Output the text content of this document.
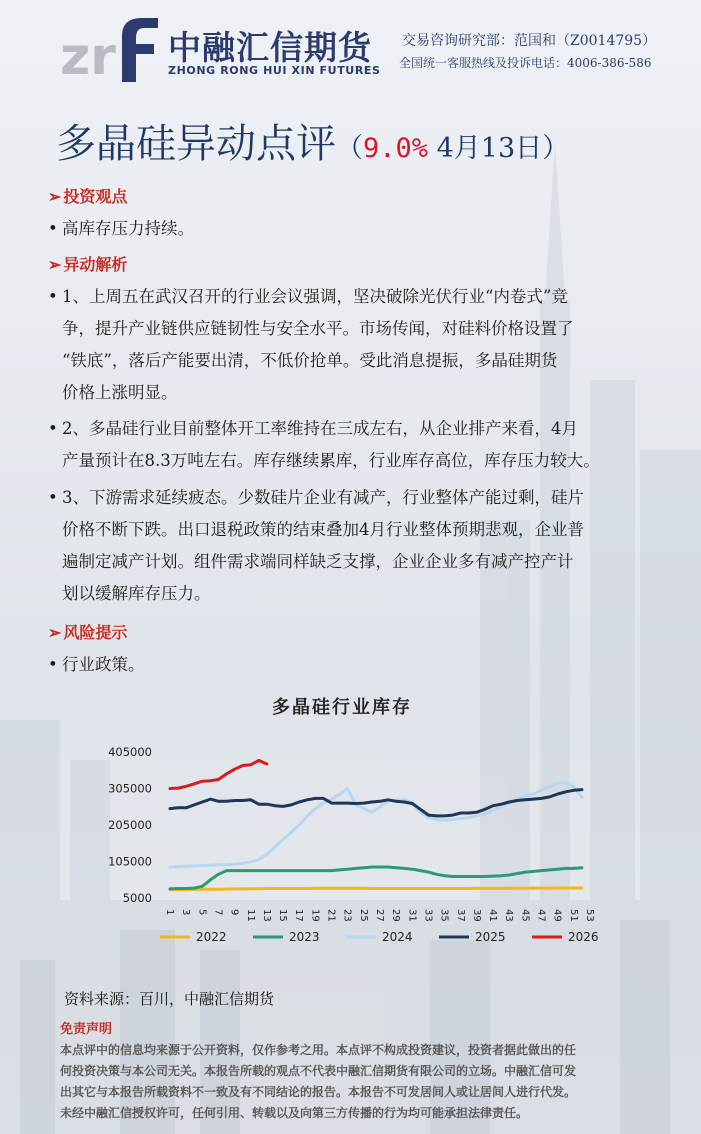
zr 中融汇信期货
ZHONG RONG HUI XIN FUTURES
交易咨询研究部：范国和（Z0014795）
全国统一客服热线及投诉电话：4006-386-586
多晶硅异动点评（9.0% 4月13日）
➢ 投资观点
• 高库存压力持续。
➢ 异动解析
• 1、上周五在武汉召开的行业会议强调，坚决破除光伏行业“内卷式”竞
争，提升产业链供应链韧性与安全水平。市场传闻，对硅料价格设置了
“铁底”，落后产能要出清，不低价抢单。受此消息提振，多晶硅期货
价格上涨明显。
• 2、多晶硅行业目前整体开工率维持在三成左右，从企业排产来看，4月
产量预计在8.3万吨左右。库存继续累库，行业库存高位，库存压力较大。
• 3、下游需求延续疲态。少数硅片企业有减产，行业整体产能过剩，硅片
价格不断下跌。出口退税政策的结束叠加4月行业整体预期悲观，企业普
遍制定减产计划。组件需求端同样缺乏支撑，企业企业多有减产控产计
划以缓解库存压力。
➢ 风险提示
• 行业政策。
多晶硅行业库存
5000
105000
205000
305000
405000
1 3 5 7 9 11 13 15 17 19 21 23 25 27 29 31 33 35 37 39 41 43 45 47 49 51 53
2022	2023	2024	2025	2026
资料来源：百川，中融汇信期货
免责声明
本点评中的信息均来源于公开资料，仅作参考之用。本点评不构成投资建议，投资者据此做出的任
何投资决策与本公司无关。本报告所载的观点不代表中融汇信期货有限公司的立场。中融汇信可发
出其它与本报告所载资料不一致及有不同结论的报告。本报告不可发居间人或让居间人进行代发。
未经中融汇信授权许可，任何引用、转载以及向第三方传播的行为均可能承担法律责任。
